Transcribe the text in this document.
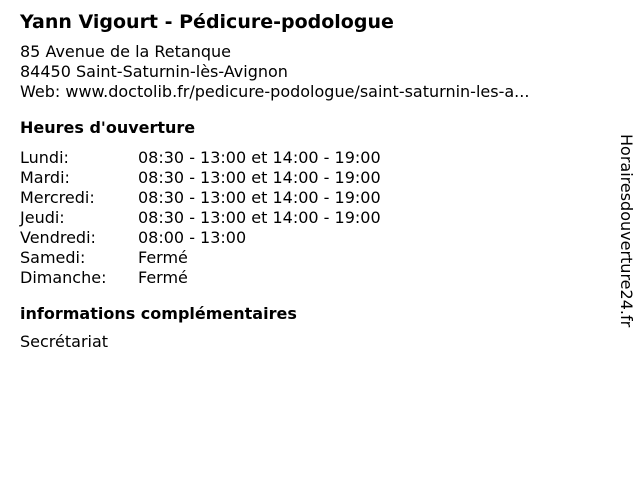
Yann Vigourt - Pédicure-podologue
85 Avenue de la Retanque
84450 Saint-Saturnin-lès-Avignon
Web: www.doctolib.fr/pedicure-podologue/saint-saturnin-les-a...
Heures d'ouverture
Lundi:	08:30 - 13:00 et 14:00 - 19:00
Mardi:	08:30 - 13:00 et 14:00 - 19:00
Mercredi:	08:30 - 13:00 et 14:00 - 19:00
Jeudi:	08:30 - 13:00 et 14:00 - 19:00
Vendredi:	08:00 - 13:00
Samedi:	Fermé
Dimanche:	Fermé
informations complémentaires
Secrétariat
Horairesdouverture24.fr
